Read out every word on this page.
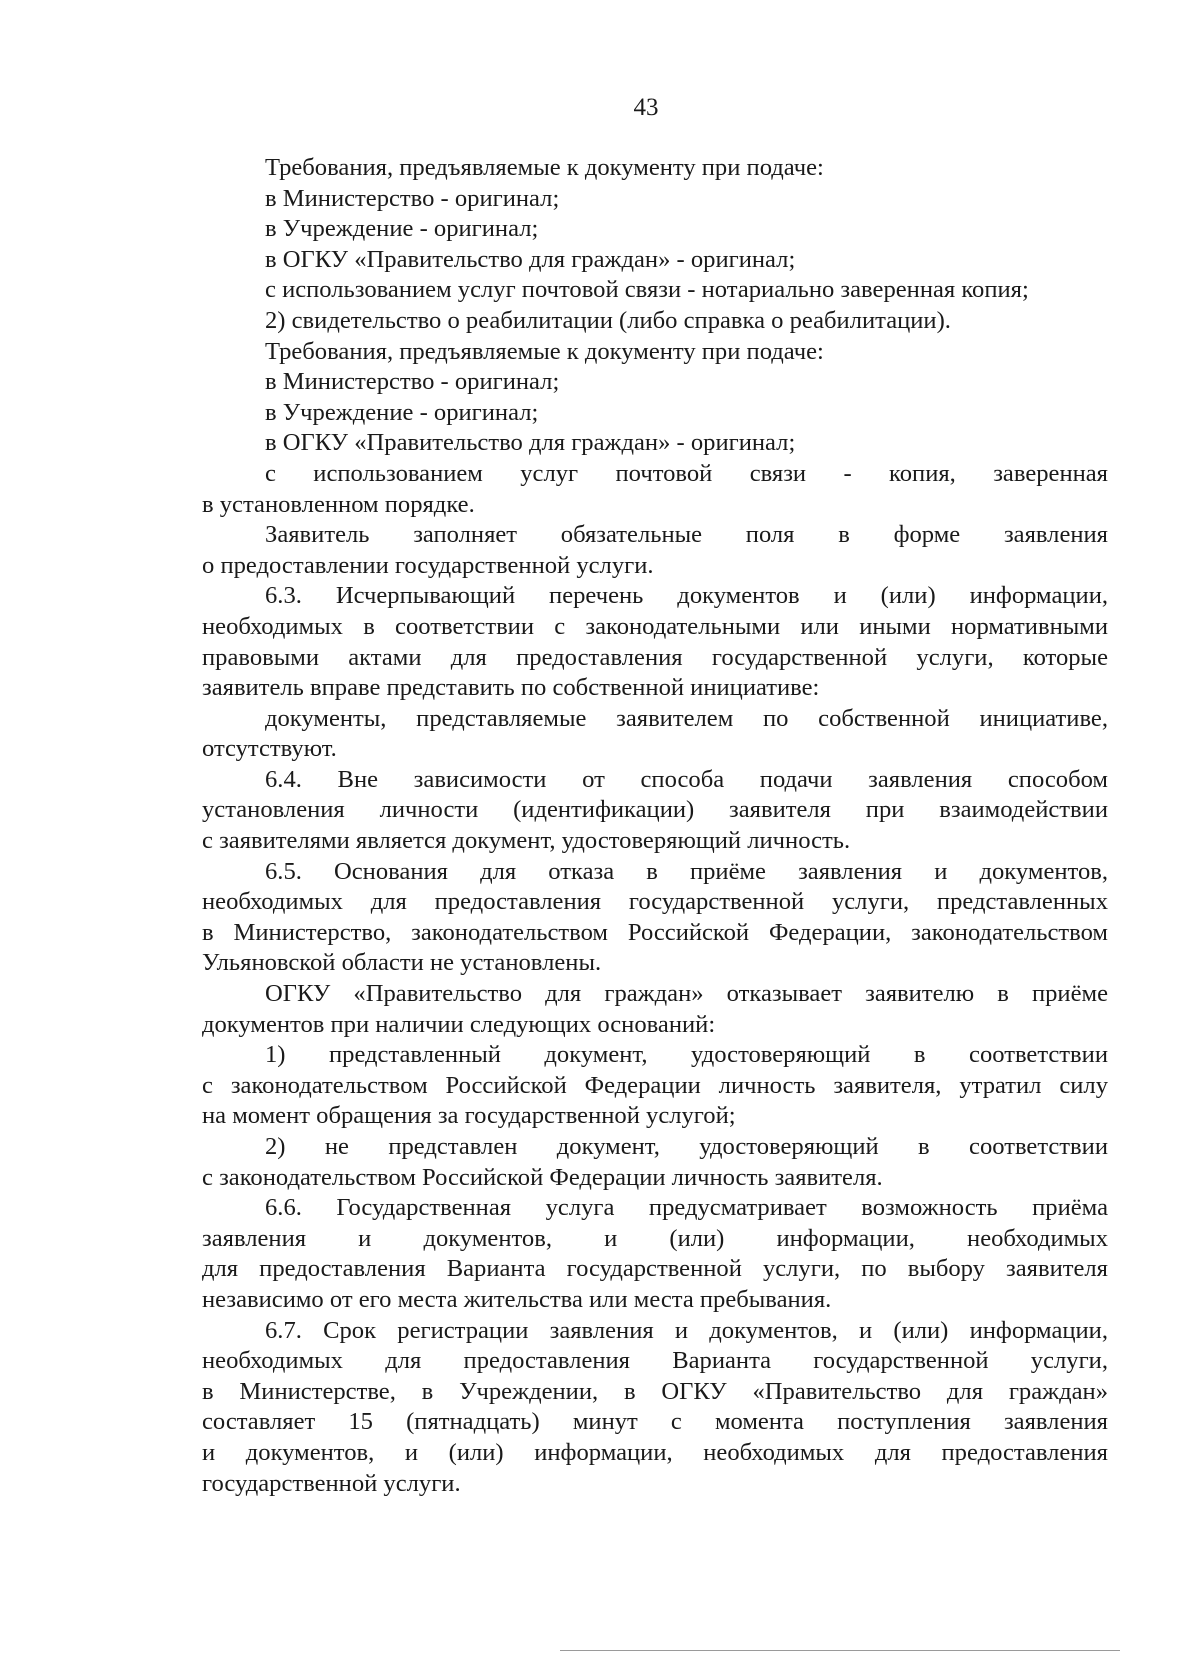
43
Требования, предъявляемые к документу при подаче:
в Министерство - оригинал;
в Учреждение - оригинал;
в ОГКУ «Правительство для граждан» - оригинал;
с использованием услуг почтовой связи - нотариально заверенная копия;
2) свидетельство о реабилитации (либо справка о реабилитации).
Требования, предъявляемые к документу при подаче:
в Министерство - оригинал;
в Учреждение - оригинал;
в ОГКУ «Правительство для граждан» - оригинал;
с использованием услуг почтовой связи - копия, заверенная
в установленном порядке.
Заявитель заполняет обязательные поля в форме заявления
о предоставлении государственной услуги.
6.3. Исчерпывающий перечень документов и (или) информации,
необходимых в соответствии с законодательными или иными нормативными
правовыми актами для предоставления государственной услуги, которые
заявитель вправе представить по собственной инициативе:
документы, представляемые заявителем по собственной инициативе,
отсутствуют.
6.4. Вне зависимости от способа подачи заявления способом
установления личности (идентификации) заявителя при взаимодействии
с заявителями является документ, удостоверяющий личность.
6.5. Основания для отказа в приёме заявления и документов,
необходимых для предоставления государственной услуги, представленных
в Министерство, законодательством Российской Федерации, законодательством
Ульяновской области не установлены.
ОГКУ «Правительство для граждан» отказывает заявителю в приёме
документов при наличии следующих оснований:
1) представленный документ, удостоверяющий в соответствии
с законодательством Российской Федерации личность заявителя, утратил силу
на момент обращения за государственной услугой;
2) не представлен документ, удостоверяющий в соответствии
с законодательством Российской Федерации личность заявителя.
6.6. Государственная услуга предусматривает возможность приёма
заявления и документов, и (или) информации, необходимых
для предоставления Варианта государственной услуги, по выбору заявителя
независимо от его места жительства или места пребывания.
6.7. Срок регистрации заявления и документов, и (или) информации,
необходимых для предоставления Варианта государственной услуги,
в Министерстве, в Учреждении, в ОГКУ «Правительство для граждан»
составляет 15 (пятнадцать) минут с момента поступления заявления
и документов, и (или) информации, необходимых для предоставления
государственной услуги.
